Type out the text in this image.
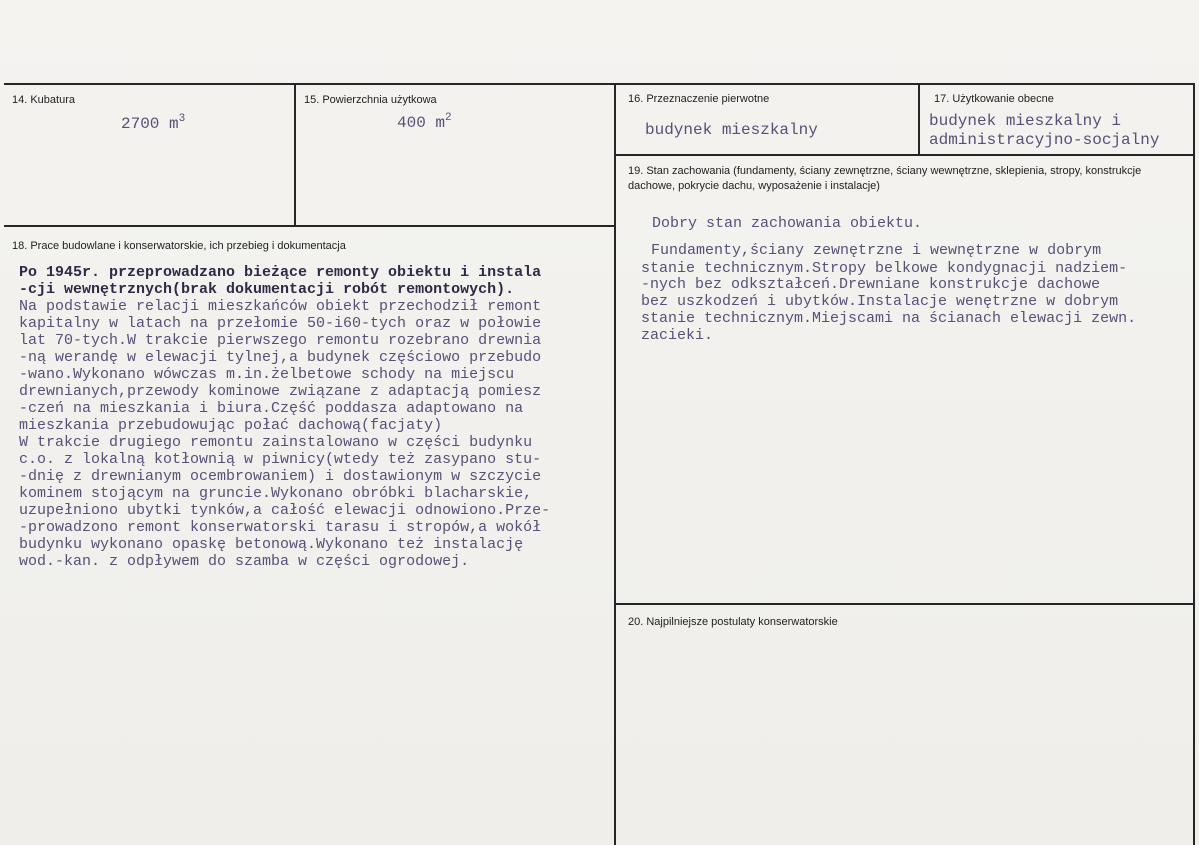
14. Kubatura
2700 $m^3$
15. Powierzchnia użytkowa
400 $m^2$
16. Przeznaczenie pierwotne
budynek mieszkalny
17. Użytkowanie obecne
budynek mieszkalny i
administracyjno-socjalny
19. Stan zachowania (fundamenty, ściany zewnętrzne, ściany wewnętrzne, sklepienia, stropy, konstrukcje dachowe, pokrycie dachu, wyposażenie i instalacje)
Dobry stan zachowania obiektu.
Fundamenty,ściany zewnętrzne i wewnętrzne w dobrym
stanie technicznym.Stropy belkowe kondygnacji nadziem-
-nych bez odkształceń.Drewniane konstrukcje dachowe
bez uszkodzeń i ubytków.Instalacje wenętrzne w dobrym
stanie technicznym.Miejscami na ścianach elewacji zewn.
zacieki.
18. Prace budowlane i konserwatorskie, ich przebieg i dokumentacja
Po 1945r. przeprowadzano bieżące remonty obiektu i instala
-cji wewnętrznych(brak dokumentacji robót remontowych).
Na podstawie relacji mieszkańców obiekt przechodził remont
kapitalny w latach na przełomie 50-i60-tych oraz w połowie
lat 70-tych.W trakcie pierwszego remontu rozebrano drewnia
-ną werandę w elewacji tylnej,a budynek częściowo przebudo
-wano.Wykonano wówczas m.in.żelbetowe schody na miejscu
drewnianych,przewody kominowe związane z adaptacją pomiesz
-czeń na mieszkania i biura.Część poddasza adaptowano na
mieszkania przebudowując połać dachową(facjaty)
W trakcie drugiego remontu zainstalowano w części budynku
c.o. z lokalną kotłownią w piwnicy(wtedy też zasypano stu-
-dnię z drewnianym ocembrowaniem) i dostawionym w szczycie
kominem stojącym na gruncie.Wykonano obróbki blacharskie,
uzupełniono ubytki tynków,a całość elewacji odnowiono.Prze-
-prowadzono remont konserwatorski tarasu i stropów,a wokół
budynku wykonano opaskę betonową.Wykonano też instalację
wod.-kan. z odpływem do szamba w części ogrodowej.
20. Najpilniejsze postulaty konserwatorskie
